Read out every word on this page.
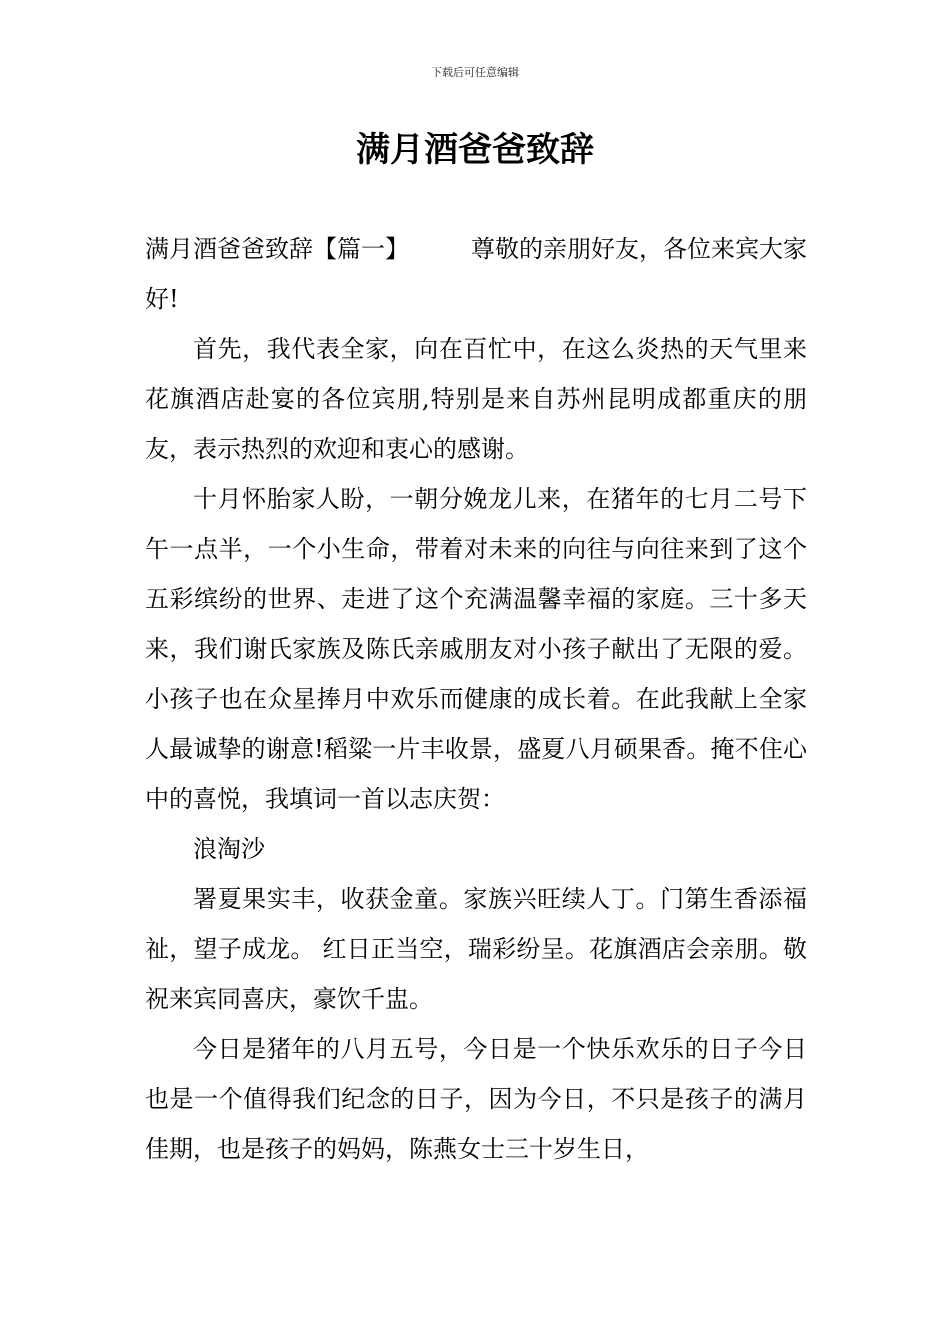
下载后可任意编辑
满月酒爸爸致辞

满月酒爸爸致辞【篇一】	尊敬的亲朋好友，各位来宾大家好!

首先，我代表全家，向在百忙中，在这么炎热的天气里来花旗酒店赴宴的各位宾朋,特别是来自苏州昆明成都重庆的朋友，表示热烈的欢迎和衷心的感谢。

十月怀胎家人盼，一朝分娩龙儿来，在猪年的七月二号下午一点半，一个小生命，带着对未来的向往与向往来到了这个五彩缤纷的世界、走进了这个充满温馨幸福的家庭。三十多天来，我们谢氏家族及陈氏亲戚朋友对小孩子献出了无限的爱。小孩子也在众星捧月中欢乐而健康的成长着。在此我献上全家人最诚挚的谢意!稻粱一片丰收景，盛夏八月硕果香。掩不住心中的喜悦，我填词一首以志庆贺：

浪淘沙

署夏果实丰，收获金童。家族兴旺续人丁。门第生香添福祉，望子成龙。 红日正当空，瑞彩纷呈。花旗酒店会亲朋。敬祝来宾同喜庆，豪饮千盅。

今日是猪年的八月五号，今日是一个快乐欢乐的日子今日也是一个值得我们纪念的日子，因为今日，不只是孩子的满月佳期，也是孩子的妈妈，陈燕女士三十岁生日，
